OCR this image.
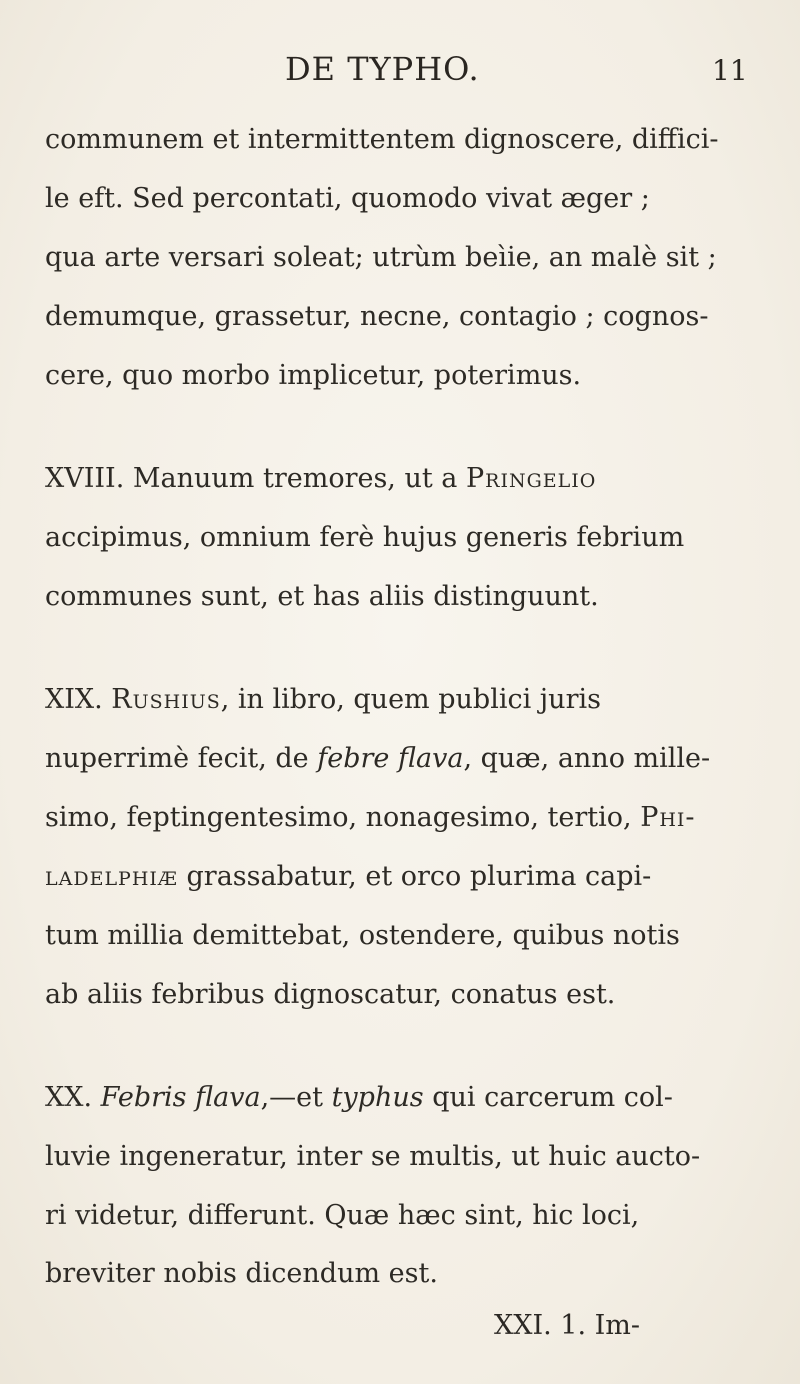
DE TYPHO.	11
communem et intermittentem dignoscere, diffici-
le eft. Sed percontati, quomodo vivat æger ;
qua arte versari soleat; utrùm beìie, an malè sit ;
demumque, grassetur, necne, contagio ; cognos-
cere, quo morbo implicetur, poterimus.
XVIII. Manuum tremores, ut a Pringelio
accipimus, omnium ferè hujus generis febrium
communes sunt, et has aliis distinguunt.
XIX. Rushius, in libro, quem publici juris
nuperrimè fecit, de febre flava, quæ, anno mille-
simo, feptingentesimo, nonagesimo, tertio, Phi-
ladelphiæ grassabatur, et orco plurima capi-
tum millia demittebat, ostendere, quibus notis
ab aliis febribus dignoscatur, conatus est.
XX. Febris flava,—et typhus qui carcerum col-
luvie ingeneratur, inter se multis, ut huic aucto-
ri videtur, differunt. Quæ hæc sint, hic loci,
breviter nobis dicendum est.
XXI. 1. Im-
